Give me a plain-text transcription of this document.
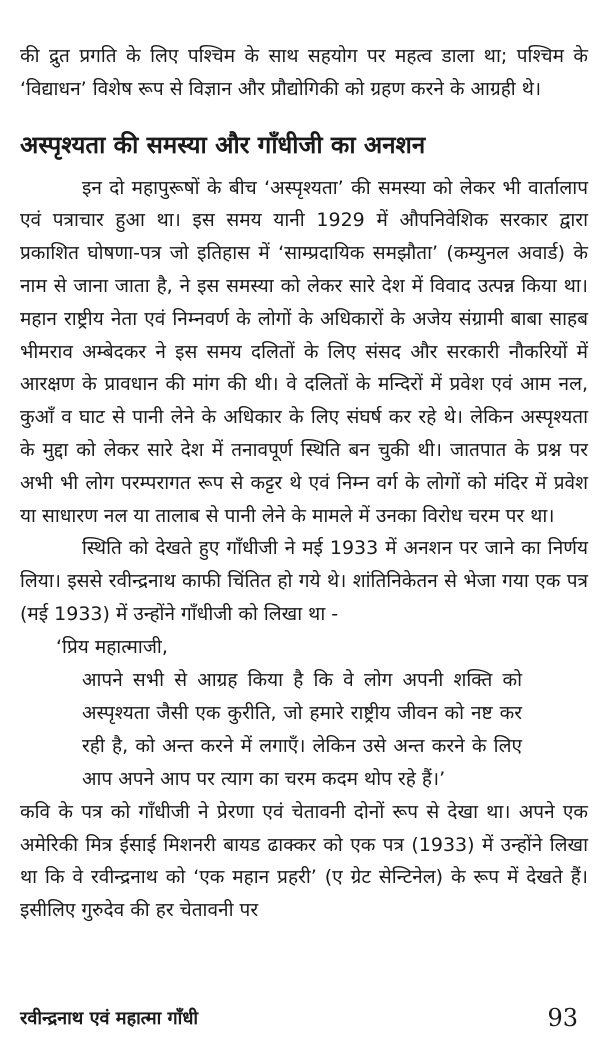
की द्रुत प्रगति के लिए पश्चिम के साथ सहयोग पर महत्व डाला था; पश्चिम के ‘विद्याधन’ विशेष रूप से विज्ञान और प्रौद्योगिकी को ग्रहण करने के आग्रही थे।

अस्पृश्यता की समस्या और गाँधीजी का अनशन

इन दो महापुरूषों के बीच ‘अस्पृश्यता’ की समस्या को लेकर भी वार्तालाप एवं पत्राचार हुआ था। इस समय यानी 1929 में औपनिवेशिक सरकार द्वारा प्रकाशित घोषणा-पत्र जो इतिहास में ‘साम्प्रदायिक समझौता’ (कम्युनल अवार्ड) के नाम से जाना जाता है, ने इस समस्या को लेकर सारे देश में विवाद उत्पन्न किया था। महान राष्ट्रीय नेता एवं निम्नवर्ण के लोगों के अधिकारों के अजेय संग्रामी बाबा साहब भीमराव अम्बेदकर ने इस समय दलितों के लिए संसद और सरकारी नौकरियों में आरक्षण के प्रावधान की मांग की थी। वे दलितों के मन्दिरों में प्रवेश एवं आम नल, कुआँ व घाट से पानी लेने के अधिकार के लिए संघर्ष कर रहे थे। लेकिन अस्पृश्यता के मुद्दा को लेकर सारे देश में तनावपूर्ण स्थिति बन चुकी थी। जातपात के प्रश्न पर अभी भी लोग परम्परागत रूप से कट्टर थे एवं निम्न वर्ग के लोगों को मंदिर में प्रवेश या साधारण नल या तालाब से पानी लेने के मामले में उनका विरोध चरम पर था।

स्थिति को देखते हुए गाँधीजी ने मई 1933 में अनशन पर जाने का निर्णय लिया। इससे रवीन्द्रनाथ काफी चिंतित हो गये थे। शांतिनिकेतन से भेजा गया एक पत्र (मई 1933) में उन्होंने गाँधीजी को लिखा था -

‘प्रिय महात्माजी,

आपने सभी से आग्रह किया है कि वे लोग अपनी शक्ति को अस्पृश्यता जैसी एक कुरीति, जो हमारे राष्ट्रीय जीवन को नष्ट कर रही है, को अन्त करने में लगाएँ। लेकिन उसे अन्त करने के लिए आप अपने आप पर त्याग का चरम कदम थोप रहे हैं।’

कवि के पत्र को गाँधीजी ने प्रेरणा एवं चेतावनी दोनों रूप से देखा था। अपने एक अमेरिकी मित्र ईसाई मिशनरी बायड ढाक्कर को एक पत्र (1933) में उन्होंने लिखा था कि वे रवीन्द्रनाथ को ‘एक महान प्रहरी’ (ए ग्रेट सेन्टिनेल) के रूप में देखते हैं। इसीलिए गुरुदेव की हर चेतावनी पर

रवीन्द्रनाथ एवं महात्मा गाँधी	93
